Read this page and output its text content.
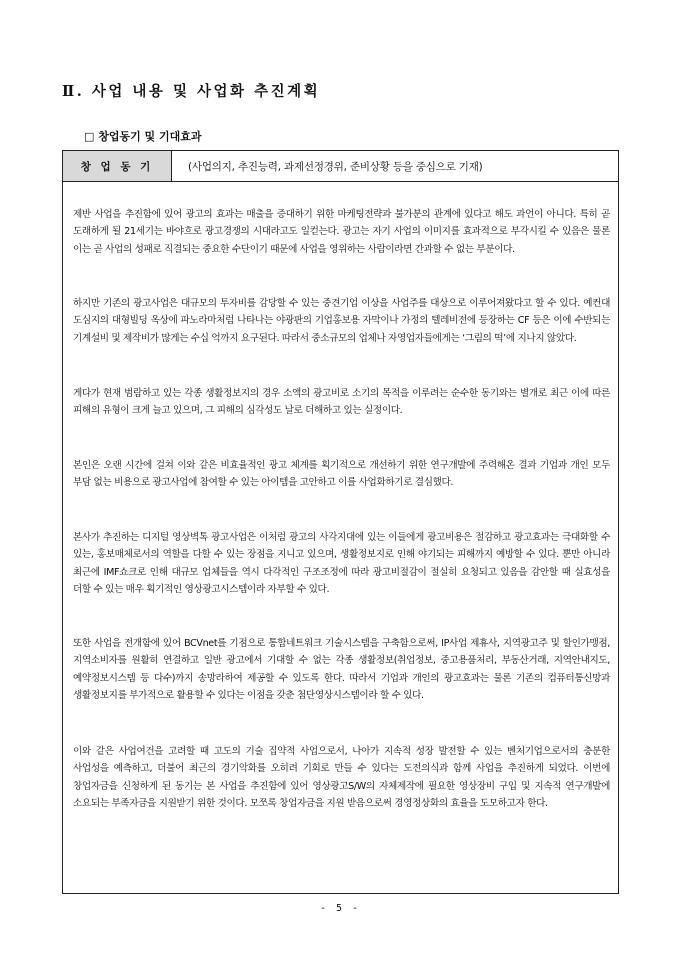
Ⅱ. 사업 내용 및 사업화 추진계획
□ 창업동기 및 기대효과
창 업 동 기	(사업의지, 추진능력, 과제선정경위, 준비상황 등을 중심으로 기재)

제반 사업을 추진함에 있어 광고의 효과는 매출을 증대하기 위한 마케팅전략과 불가분의 관계에 있다고 해도 과언이 아니다. 특히 곧 도래하게 될 21세기는 바야흐로 광고경쟁의 시대라고도 일컫는다. 광고는 자기 사업의 이미지를 효과적으로 부각시킬 수 있음은 물론 이는 곧 사업의 성패로 직결되는 중요한 수단이기 때문에 사업을 영위하는 사람이라면 간과할 수 없는 부분이다.

하지만 기존의 광고사업은 대규모의 투자비를 감당할 수 있는 중견기업 이상을 사업주를 대상으로 이루어져왔다고 할 수 있다. 예컨대 도심지의 대형빌딩 옥상에 파노라마처럼 나타나는 야광판의 기업홍보용 자막이나 가정의 텔레비전에 등장하는 CF 등은 이에 수반되는 기계설비 및 제작비가 많게는 수십 억까지 요구된다. 따라서 중소규모의 업체나 자영업자들에게는 ‘그림의 떡’에 지나지 않았다.

게다가 현재 범람하고 있는 각종 생활정보지의 경우 소액의 광고비로 소기의 목적을 이루려는 순수한 동기와는 별개로 최근 이에 따른 피해의 유형이 크게 늘고 있으며, 그 피해의 심각성도 날로 더해하고 있는 실정이다.

본인은 오랜 시간에 걸쳐 이와 같은 비효율적인 광고 체계를 획기적으로 개선하기 위한 연구개발에 주력해온 결과 기업과 개인 모두 부담 없는 비용으로 광고사업에 참여할 수 있는 아이템을 고안하고 이를 사업화하기로 결심했다.

본사가 추진하는 디지털 영상벽톡 광고사업은 이처럼 광고의 사각지대에 있는 이들에게 광고비용은 절감하고 광고효과는 극대화할 수 있는, 홍보매체로서의 역할을 다할 수 있는 장점을 지니고 있으며, 생활정보지로 인해 야기되는 피해까지 예방할 수 있다. 뿐만 아니라 최근에 IMF쇼크로 인해 대규모 업체들을 역시 다각적인 구조조정에 따라 광고비절감이 절실히 요청되고 있음을 감안할 때 실효성을 더할 수 있는 매우 획기적인 영상광고시스템이라 자부할 수 있다.

또한 사업을 전개함에 있어 BCVnet를 기점으로 통합네트워크 기술시스템을 구축함으로써, IP사업 제휴사, 지역광고주 및 할인가맹점, 지역소비자를 원활히 연결하고 일반 광고에서 기대할 수 없는 각종 생활정보(취업정보, 중고용품처리, 부동산거래, 지역안내지도, 예약정보시스템 등 다수)까지 송망라하여 제공할 수 있도록 한다. 따라서 기업과 개인의 광고효과는 물론 기존의 컴퓨터통신망과 생활정보지를 부가적으로 활용할 수 있다는 이점을 갖춘 첨단영상시스템이라 할 수 있다.

이와 같은 사업여건을 고려할 때 고도의 기술 집약적 사업으로서, 나아가 지속적 성장 발전할 수 있는 벤처기업으로서의 충분한 사업성을 예측하고, 더불어 최근의 경기악화를 오히려 기회로 만들 수 있다는 도전의식과 함께 사업을 추진하게 되었다. 이번에 창업자금을 신청하게 된 동기는 본 사업을 추진함에 있어 영상광고S/W의 자체제작에 필요한 영상장비 구입 및 지속적 연구개발에 소요되는 부족자금을 지원받기 위한 것이다. 모쪼록 창업자금을 지원 받음으로써 경영정상화의 효율을 도모하고자 한다.

- 5 -
